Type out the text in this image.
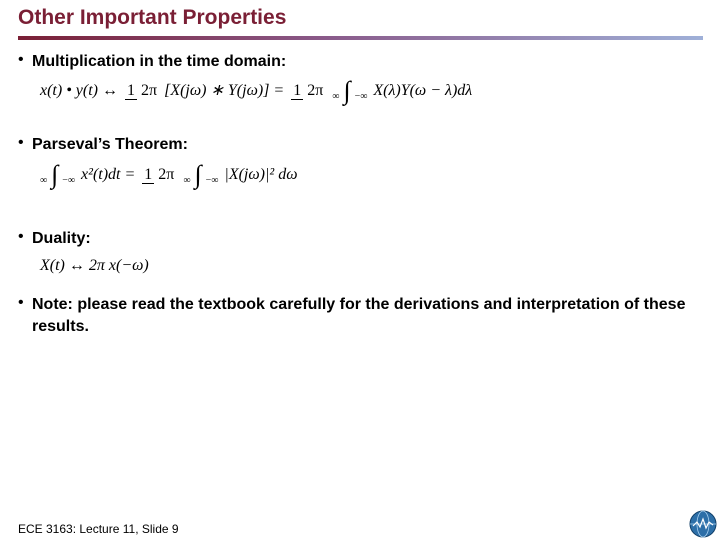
Other Important Properties
• Multiplication in the time domain:
x(t) • y(t) ↔ 1 2π [X(jω) ∗ Y(jω)] = 1 2π ∞ ∫ −∞ X(λ)Y(ω − λ)dλ
• Parseval’s Theorem:
∞ ∫ −∞ x²(t)dt = 1 2π ∞ ∫ −∞ |X(jω)|² dω
• Duality:
X(t) ↔ 2π x(−ω)
• Note: please read the textbook carefully for the derivations and interpretation of these results.
ECE 3163: Lecture 11, Slide 9
